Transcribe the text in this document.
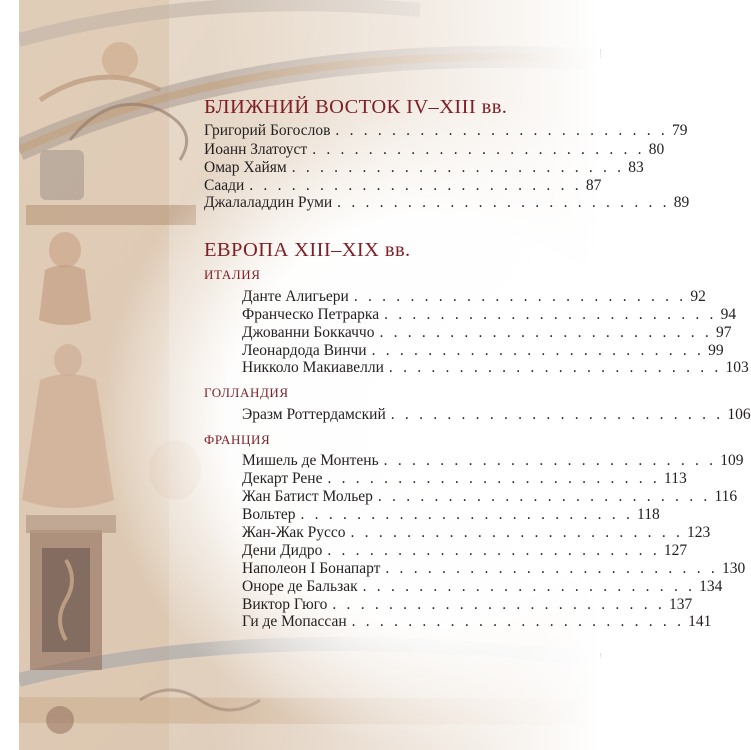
БЛИЖНИЙ ВОСТОК IV–XIII вв.
Григорий Богослов . . . . . . . . . . . . . . . . . . . . . . . . 79
Иоанн Златоуст . . . . . . . . . . . . . . . . . . . . . . . . 80
Омар Хайям . . . . . . . . . . . . . . . . . . . . . . . . 83
Саади . . . . . . . . . . . . . . . . . . . . . . . . 87
Джалаладдин Руми . . . . . . . . . . . . . . . . . . . . . . . . 89
ЕВРОПА XIII–XIX вв.
ИТАЛИЯ
Данте Алигьери . . . . . . . . . . . . . . . . . . . . . . . . 92
Франческо Петрарка . . . . . . . . . . . . . . . . . . . . . . . . 94
Джованни Боккаччо . . . . . . . . . . . . . . . . . . . . . . . . 97
Леонардода Винчи . . . . . . . . . . . . . . . . . . . . . . . . 99
Никколо Макиавелли . . . . . . . . . . . . . . . . . . . . . . . . 103
ГОЛЛАНДИЯ
Эразм Роттердамский . . . . . . . . . . . . . . . . . . . . . . . . 106
ФРАНЦИЯ
Мишель де Монтень . . . . . . . . . . . . . . . . . . . . . . . . 109
Декарт Рене . . . . . . . . . . . . . . . . . . . . . . . . 113
Жан Батист Мольер . . . . . . . . . . . . . . . . . . . . . . . . 116
Вольтер . . . . . . . . . . . . . . . . . . . . . . . . 118
Жан-Жак Руссо . . . . . . . . . . . . . . . . . . . . . . . . 123
Дени Дидро . . . . . . . . . . . . . . . . . . . . . . . . 127
Наполеон I Бонапарт . . . . . . . . . . . . . . . . . . . . . . . . 130
Оноре де Бальзак . . . . . . . . . . . . . . . . . . . . . . . . 134
Виктор Гюго . . . . . . . . . . . . . . . . . . . . . . . . 137
Ги де Мопассан . . . . . . . . . . . . . . . . . . . . . . . . 141
